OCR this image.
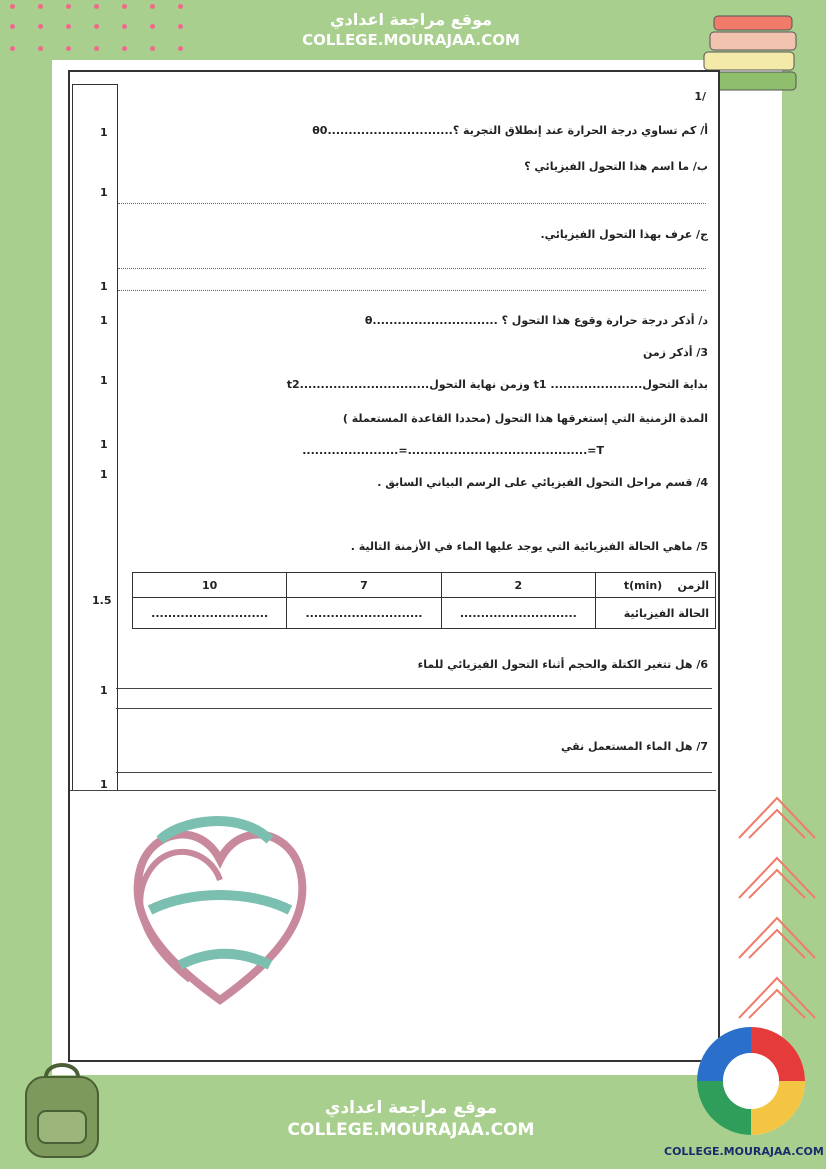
موقع مراجعة اعدادي
COLLEGE.MOURAJAA.COM
/1
أ/ كم تساوي درجة الحرارة عند إنطلاق التجربة ؟..............................θ0
ب/ ما اسم هذا التحول الفيزيائي ؟
ج/ عرف بهذا التحول الفيزيائي.
د/ أذكر درجة حرارة وقوع هذا التحول ؟ ..............................θ
3/ أذكر زمن
بداية التحول...................... t1 وزمن نهاية التحول...............................t2
المدة الزمنية التي إستغرقها هذا التحول (محددا القاعدة المستعملة )
T=...........................................=.......................
4/ قسم مراحل التحول الفيزيائي على الرسم البياني السابق .
5/ ماهي الحالة الفيزيائية التي يوجد عليها الماء في الأزمنة التالية .
10	7	2	الزمن    t(min)
............................	............................	............................	الحالة الفيزيائية
6/ هل تتغير الكتلة والحجم أثناء التحول الفيزيائي للماء
7/ هل الماء المستعمل نقي
1
1
1
1
1
1
1
1.5
1
1
موقع مراجعة اعدادي
COLLEGE.MOURAJAA.COM
COLLEGE.MOURAJAA.COM
